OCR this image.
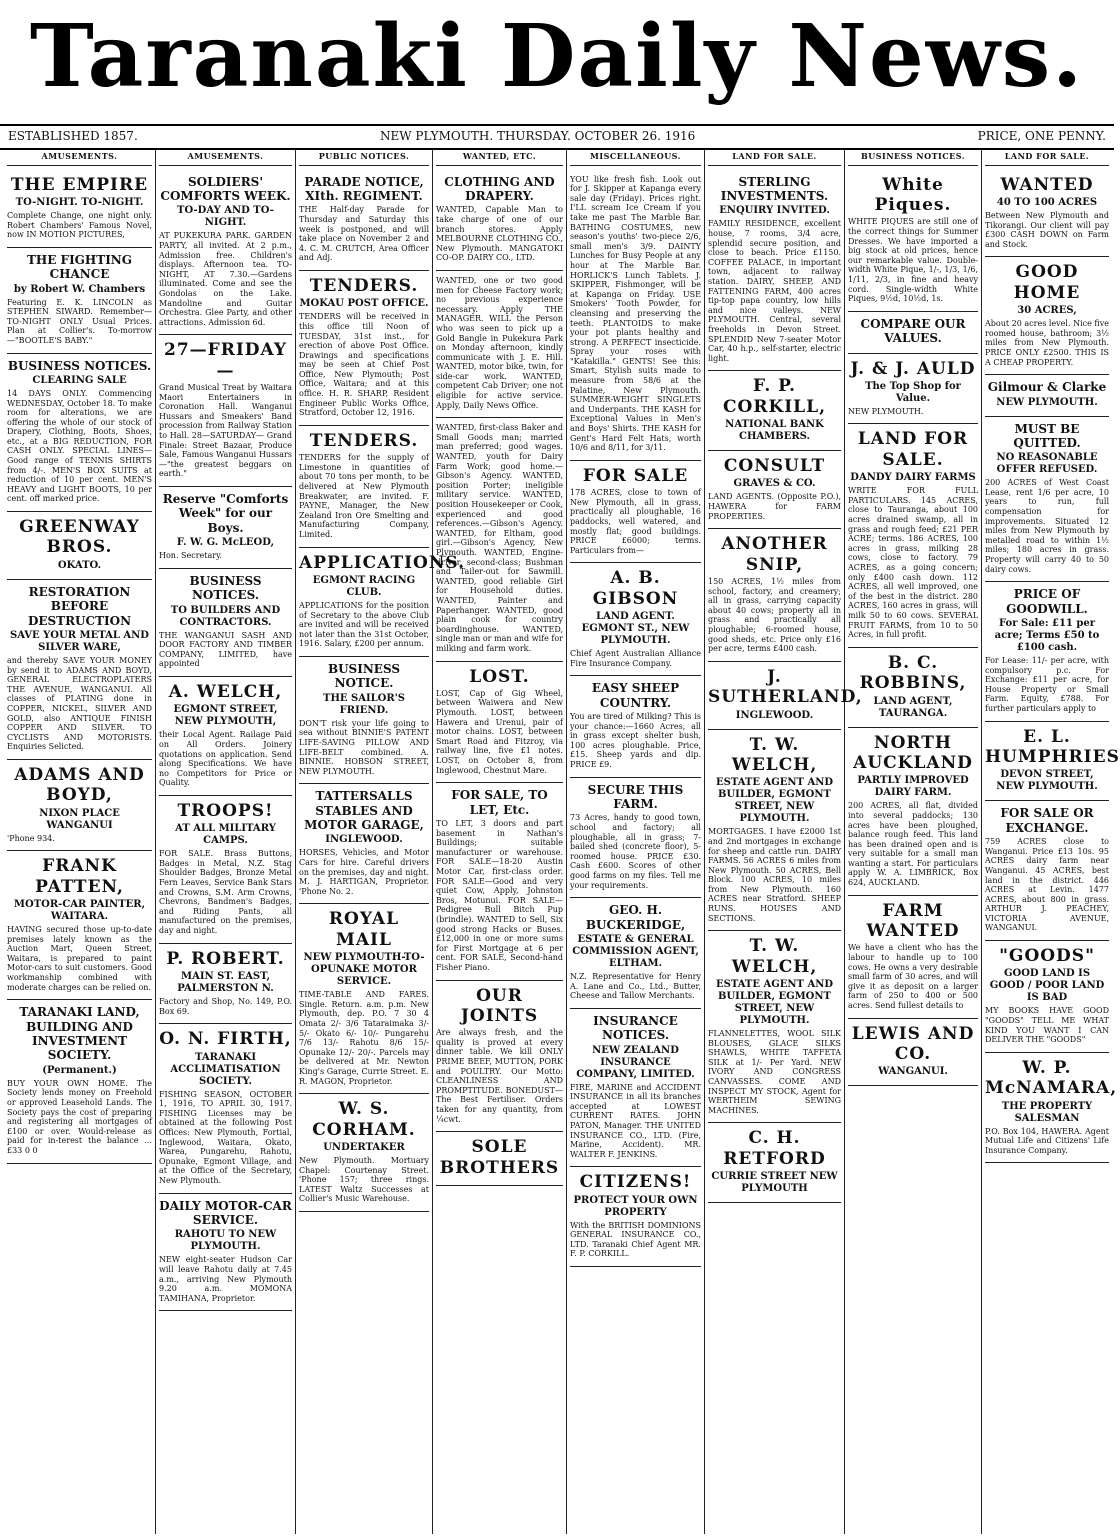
Taranaki Daily News.
ESTABLISHED 1857.	NEW PLYMOUTH. THURSDAY. OCTOBER 26. 1916	PRICE, ONE PENNY.
AMUSEMENTS.

THE EMPIRE

TO-NIGHT. TO-NIGHT.

Complete Change, one night only. Robert Chambers' Famous Novel, now IN MOTION PICTURES,

THE FIGHTING CHANCE

by Robert W. Chambers

Featuring E. K. LINCOLN as STEPHEN SIWARD. Remember—TO-NIGHT ONLY Usual Prices. Plan at Collier's. To-morrow—"BOOTLE'S BABY."

BUSINESS NOTICES.

CLEARING SALE

14 DAYS ONLY. Commencing WEDNESDAY, October 18. To make room for alterations, we are offering the whole of our stock of Drapery, Clothing, Boots, Shoes, etc., at a BIG REDUCTION, FOR CASH ONLY. SPECIAL LINES— Good range of TENNIS SHIRTS from 4/-. MEN'S BOX SUITS at reduction of 10 per cent. MEN'S HEAVY and LIGHT BOOTS, 10 per cent. off marked price.

GREENWAY BROS.

OKATO.

RESTORATION BEFORE DESTRUCTION

SAVE YOUR METAL AND SILVER WARE,

and thereby SAVE YOUR MONEY by send it to ADAMS AND BOYD, GENERAL ELECTROPLATERS THE AVENUE, WANGANUI. All classes of PLATING done in COPPER, NICKEL, SILVER AND GOLD, also ANTIQUE FINISH COPPER AND SILVER. TO CYCLISTS AND MOTORISTS. Enquiries Selicted.

ADAMS AND BOYD,

NIXON PLACE WANGANUI

'Phone 934.

FRANK PATTEN,

MOTOR-CAR PAINTER, WAITARA.

HAVING secured those up-to-date premises lately known as the Auction Mart, Queen Street, Waitara, is prepared to paint Motor-cars to suit customers. Good workmanship combined with moderate charges can be relied on.

TARANAKI LAND, BUILDING AND INVESTMENT SOCIETY.

(Permanent.)

BUY YOUR OWN HOME. The Society lends money on Freehold or approved Leasehold Lands. The Society pays the cost of preparing and registering all mortgages of £100 or over. Would-release as paid for in-terest the balance ... £33 0 0

AMUSEMENTS.

SOLDIERS' COMFORTS WEEK.

TO-DAY AND TO-NIGHT.

AT PUKEKURA PARK. GARDEN PARTY, all invited. At 2 p.m., Admission free. Children's displays. Afternoon tea. TO-NIGHT, AT 7.30.—Gardens illuminated. Come and see the Gondolas on the Lake. Mandoline and Guitar Orchestra. Glee Party, and other attractions. Admission 6d.

27—FRIDAY—

Grand Musical Treat by Waitara Maori Entertainers in Coronation Hall. Wanganui Hussars and Smeakers' Band procession from Railway Station to Hall. 28—SATURDAY— Grand Finale: Street Bazaar, Produce Sale, Famous Wanganui Hussars—"the greatest beggars on earth."

Reserve "Comforts Week" for our Boys.

F. W. G. McLEOD,

Hon. Secretary.

BUSINESS NOTICES.

TO BUILDERS AND CONTRACTORS.

THE WANGANUI SASH AND DOOR FACTORY AND TIMBER COMPANY, LIMITED, have appointed

A. WELCH,

EGMONT STREET, NEW PLYMOUTH,

their Local Agent. Railage Paid on All Orders. Joinery quotations on application. Send along Specifications. We have no Competitors for Price or Quality.

TROOPS!

AT ALL MILITARY CAMPS.

FOR SALE. Brass Buttons, Badges in Metal, N.Z. Stag Shoulder Badges, Bronze Metal Fern Leaves, Service Bank Stars and Crowns, S.M. Arm Crowns, Chevrons, Bandmen's Badges, and Riding Pants, all manufactured on the premises, day and night.

P. ROBERT.

MAIN ST. EAST, PALMERSTON N.

Factory and Shop, No. 149, P.O. Box 69.

O. N. FIRTH,

TARANAKI ACCLIMATISATION SOCIETY.

FISHING SEASON, OCTOBER 1, 1916, TO APRIL 30, 1917. FISHING Licenses may be obtained at the following Post Offices: New Plymouth, Fortial, Inglewood, Waitara, Okato, Warea, Pungarehu, Rahotu, Opunake, Egmont Village, and at the Office of the Secretary, New Plymouth.

DAILY MOTOR-CAR SERVICE.

RAHOTU TO NEW PLYMOUTH.

NEW eight-seater Hudson Car will leave Rahotu daily at 7.45 a.m., arriving New Plymouth 9.20 a.m. MOMONA TAMIHANA, Proprietor.

PUBLIC NOTICES.

PARADE NOTICE, XIth. REGIMENT.

THE Half-day Parade for Thursday and Saturday this week is postponed, and will take place on November 2 and 4. C. M. CRUTCH, Area Officer and Adj.

TENDERS.

MOKAU POST OFFICE.

TENDERS will be received in this office till Noon of TUESDAY, 31st inst., for erection of above Post Office. Drawings and specifications may be seen at Chief Post Office, New Plymouth; Post Office, Waitara; and at this office. H. R. SHARP, Resident Engineer Public Works Office, Stratford, October 12, 1916.

TENDERS.

TENDERS for the supply of Limestone in quantities of about 70 tons per month, to be delivered at New Plymouth Breakwater, are invited. F. PAYNE, Manager, the New Zealand Iron Ore Smelting and Manufacturing Company, Limited.

APPLICATIONS.

EGMONT RACING CLUB.

APPLICATIONS for the position of Secretary to the above Club are invited and will be received not later than the 31st October, 1916. Salary, £200 per annum.

BUSINESS NOTICE.

THE SAILOR'S FRIEND.

DON'T risk your life going to sea without BINNIE'S PATENT LIFE-SAVING PILLOW AND LIFE-BELT combined. A. BINNIE. HOBSON STREET, NEW PLYMOUTH.

TATTERSALLS STABLES AND MOTOR GARAGE,

INGLEWOOD.

HORSES, Vehicles, and Motor Cars for hire. Careful drivers on the premises, day and night. M. J. HARTIGAN, Proprietor. 'Phone No. 2.

ROYAL MAIL

NEW PLYMOUTH-TO-OPUNAKE MOTOR SERVICE.

TIME-TABLE AND FARES. Single. Return. a.m. p.m. New Plymouth, dep. P.O. 7 30 4 Omata 2/- 3/6 Tataraimaka 3/- 5/- Okato 6/- 10/- Pungarehu 7/6 13/- Rahotu 8/6 15/- Opunake 12/- 20/-. Parcels may be delivered at Mr. Newton King's Garage, Currie Street. E. R. MAGON, Proprietor.

W. S. CORHAM.

UNDERTAKER

New Plymouth. Mortuary Chapel: Courtenay Street. 'Phone 157; three rings. LATEST Waltz Successes at Collier's Music Warehouse.

WANTED, ETC.

CLOTHING AND DRAPERY.

WANTED, Capable Man to take charge of one of our branch stores. Apply MELBOURNE CLOTHING CO., New Plymouth. MANGATOKI CO-OP. DAIRY CO., LTD.

WANTED, one or two good men for Cheese Factory work; no previous experience necessary. Apply THE MANAGER. WILL the Person who was seen to pick up a Gold Bangle in Pukekura Park on Monday afternoon, kindly communicate with J. E. Hill. WANTED, motor bike, twin, for side-car work. WANTED, competent Cab Driver; one not eligible for active service. Apply, Daily News Office.

WANTED, first-class Baker and Small Goods man; married man preferred; good wages. WANTED, youth for Dairy Farm Work; good home.—Gibson's Agency. WANTED, position Porter; ineligible military service. WANTED, position Housekeeper or Cook, experienced and good references.—Gibson's Agency. WANTED, for Eltham, good girl.—Gibson's Agency, New Plymouth. WANTED, Engine-driver, second-class; Bushman and Tailer-out for Sawmill. WANTED, good reliable Girl for Household duties. WANTED, Painter and Paperhanger. WANTED, good plain cook for country boardinghouse. WANTED, single man or man and wife for milking and farm work.

LOST.

LOST, Cap of Gig Wheel, between Waiwera and New Plymouth. LOST, between Hawera and Urenui, pair of motor chains. LOST, between Smart Road and Fitzroy, via railway line, five £1 notes. LOST, on October 8, from Inglewood, Chestnut Mare.

FOR SALE, TO LET, Etc.

TO LET, 3 doors and part basement in Nathan's Buildings; suitable manufacturer or warehouse. FOR SALE—18-20 Austin Motor Car, first-class order. FOR SALE—Good and very quiet Cow, Apply, Johnston Bros, Motunui. FOR SALE—Pedigree Bull Bitch Pup (brindle). WANTED to Sell, Six good strong Hacks or Buses. £12,000 in one or more sums for First Mortgage at 6 per cent. FOR SALE, Second-hand Fisher Piano.

OUR JOINTS

Are always fresh, and the quality is proved at every dinner table. We kill ONLY PRIME BEEF, MUTTON, PORK and POULTRY. Our Motto: CLEANLINESS AND PROMPTITUDE. BONEDUST— The Best Fertiliser. Orders taken for any quantity, from ¼cwt.

SOLE BROTHERS

MISCELLANEOUS.

YOU like fresh fish. Look out for J. Skipper at Kapanga every sale day (Friday). Prices right. I'LL scream Ice Cream if you take me past The Marble Bar. BATHING COSTUMES, new season's youths' two-piece 2/6, small men's 3/9. DAINTY Lunches for Busy People at any hour at The Marble Bar. HORLICK'S Lunch Tablets. J. SKIPPER, Fishmonger, will be at Kapanga on Friday. USE Smokers' Tooth Powder, for cleansing and preserving the teeth. PLANTOIDS to make your pot plants healthy and strong. A PERFECT insecticide. Spray your roses with "Katakilla." GENTS! See this: Smart, Stylish suits made to measure from 58/6 at the Palatine, New Plymouth. SUMMER-WEIGHT SINGLETS and Underpants. THE KASH for Exceptional Values in Men's and Boys' Shirts. THE KASH for Gent's Hard Felt Hats, worth 10/6 and 8/11, for 3/11.

FOR SALE

178 ACRES, close to town of New Plymouth, all in grass, practically all ploughable, 16 paddocks, well watered, and mostly flat; good buildings. PRICE £6000; terms. Particulars from—

A. B. GIBSON

LAND AGENT. EGMONT ST., NEW PLYMOUTH.

Chief Agent Australian Alliance Fire Insurance Company.

EASY SHEEP COUNTRY.

You are tired of Milking? This is your chance:—1660 Acres, all in grass except shelter bush, 100 acres ploughable. Price, £15. Sheep yards and dip. PRICE £9.

SECURE THIS FARM.

73 Acres, handy to good town, school and factory; all ploughable, all in grass; 7-bailed shed (concrete floor), 5-roomed house. PRICE £30. Cash £600. Scores of other good farms on my files. Tell me your requirements.

GEO. H. BUCKERIDGE,

ESTATE & GENERAL COMMISSION AGENT, ELTHAM.

N.Z. Representative for Henry A. Lane and Co., Ltd., Butter, Cheese and Tallow Merchants.

INSURANCE NOTICES.

NEW ZEALAND INSURANCE COMPANY, LIMITED.

FIRE, MARINE and ACCIDENT INSURANCE in all its branches accepted at LOWEST CURRENT RATES. JOHN PATON, Manager. THE UNITED INSURANCE CO., LTD. (Fire, Marine, Accident). MR. WALTER F. JENKINS.

CITIZENS!

PROTECT YOUR OWN PROPERTY

With the BRITISH DOMINIONS GENERAL INSURANCE CO., LTD. Taranaki Chief Agent MR. F. P. CORKILL.

LAND FOR SALE.

STERLING INVESTMENTS.

ENQUIRY INVITED.

FAMILY RESIDENCE, excellent house, 7 rooms, 3/4 acre, splendid secure position, and close to beach. Price £1150. COFFEE PALACE, in important town, adjacent to railway station. DAIRY, SHEEP, AND FATTENING FARM, 400 acres tip-top papa country, low hills and nice valleys. NEW PLYMOUTH. Central, several freeholds in Devon Street. SPLENDID New 7-seater Motor Car, 40 h.p., self-starter, electric light.

F. P. CORKILL,

NATIONAL BANK CHAMBERS.

CONSULT

GRAVES & CO.

LAND AGENTS. (Opposite P.O.), HAWERA for FARM PROPERTIES.

ANOTHER SNIP,

150 ACRES, 1½ miles from school, factory, and creamery; all in grass, carrying capacity about 40 cows; property all in grass and practically all ploughable; 6-roomed house, good sheds, etc. Price only £16 per acre, terms £400 cash.

J. SUTHERLAND,

INGLEWOOD.

T. W. WELCH,

ESTATE AGENT AND BUILDER, EGMONT STREET, NEW PLYMOUTH.

MORTGAGES. I have £2000 1st and 2nd mortgages in exchange for sheep and cattle run. DAIRY FARMS. 56 ACRES 6 miles from New Plymouth. 50 ACRES, Bell Block. 100 ACRES, 10 miles from New Plymouth. 160 ACRES near Stratford. SHEEP RUNS. HOUSES AND SECTIONS.

T. W. WELCH,

ESTATE AGENT AND BUILDER, EGMONT STREET, NEW PLYMOUTH.

FLANNELETTES, WOOL SILK BLOUSES, GLACE SILKS SHAWLS, WHITE TAFFETA SILK at 1/- Per Yard. NEW IVORY AND CONGRESS CANVASSES. COME AND INSPECT MY STOCK, Agent for WERTHEIM SEWING MACHINES.

C. H. RETFORD

CURRIE STREET NEW PLYMOUTH

BUSINESS NOTICES.

White Piques.

WHITE PIQUES are still one of the correct things for Summer Dresses. We have imported a big stock at old prices, hence our remarkable value. Double-width White Pique, 1/-, 1/3, 1/6, 1/11, 2/3, in fine and heavy cord. Single-width White Piques, 9½d, 10½d, 1s.

COMPARE OUR VALUES.

J. & J. AULD

The Top Shop for Value.

NEW PLYMOUTH.

LAND FOR SALE.

DANDY DAIRY FARMS

WRITE FOR FULL PARTICULARS. 145 ACRES, close to Tauranga, about 100 acres drained swamp, all in grass and rough feed; £21 PER ACRE; terms. 186 ACRES, 100 acres in grass, milking 28 cows, close to factory. 79 ACRES, as a going concern; only £400 cash down. 112 ACRES, all well improved, one of the best in the district. 280 ACRES, 160 acres in grass, will milk 50 to 60 cows. SEVERAL FRUIT FARMS, from 10 to 50 Acres, in full profit.

B. C. ROBBINS,

LAND AGENT, TAURANGA.

NORTH AUCKLAND

PARTLY IMPROVED DAIRY FARM.

200 ACRES, all flat, divided into several paddocks; 130 acres have been ploughed, balance rough feed. This land has been drained open and is very suitable for a small man wanting a start. For particulars apply W. A. LIMBRICK, Box 624, AUCKLAND.

FARM WANTED

We have a client who has the labour to handle up to 100 cows. He owns a very desirable small farm of 30 acres, and will give it as deposit on a larger farm of 250 to 400 or 500 acres. Send fullest details to

LEWIS AND CO.

WANGANUI.

LAND FOR SALE.

WANTED

40 TO 100 ACRES

Between New Plymouth and Tikorangi. Our client will pay £300 CASH DOWN on Farm and Stock.

GOOD HOME

30 ACRES,

About 20 acres level. Nice five roomed house, bathroom; 3½ miles from New Plymouth. PRICE ONLY £2500. THIS IS A CHEAP PROPERTY.

Gilmour & Clarke

NEW PLYMOUTH.

MUST BE QUITTED.

NO REASONABLE OFFER REFUSED.

200 ACRES of West Coast Lease, rent 1/6 per acre, 10 years to run, full compensation for improvements. Situated 12 miles from New Plymouth by metalled road to within 1½ miles; 180 acres in grass. Property will carry 40 to 50 dairy cows.

PRICE OF GOODWILL.

For Sale: £11 per acre; Terms £50 to £100 cash.

For Lease: 11/- per acre, with compulsory p.c. For Exchange: £11 per acre, for House Property or Small Farm. Equity, £788. For further particulars apply to

E. L. HUMPHRIES

DEVON STREET, NEW PLYMOUTH.

FOR SALE OR EXCHANGE.

759 ACRES close to Wanganui. Price £13 10s. 95 ACRES dairy farm near Wanganui. 45 ACRES, best land in the district. 446 ACRES at Levin. 1477 ACRES, about 800 in grass. ARTHUR J. PEACHEY, VICTORIA AVENUE, WANGANUI.

"GOODS"

GOOD LAND IS GOOD / POOR LAND IS BAD

MY BOOKS HAVE GOOD "GOODS" TELL ME WHAT KIND YOU WANT I CAN DELIVER THE "GOODS"

W. P. McNAMARA,

THE PROPERTY SALESMAN

P.O. Box 104, HAWERA. Agent Mutual Life and Citizens' Life Insurance Company.
